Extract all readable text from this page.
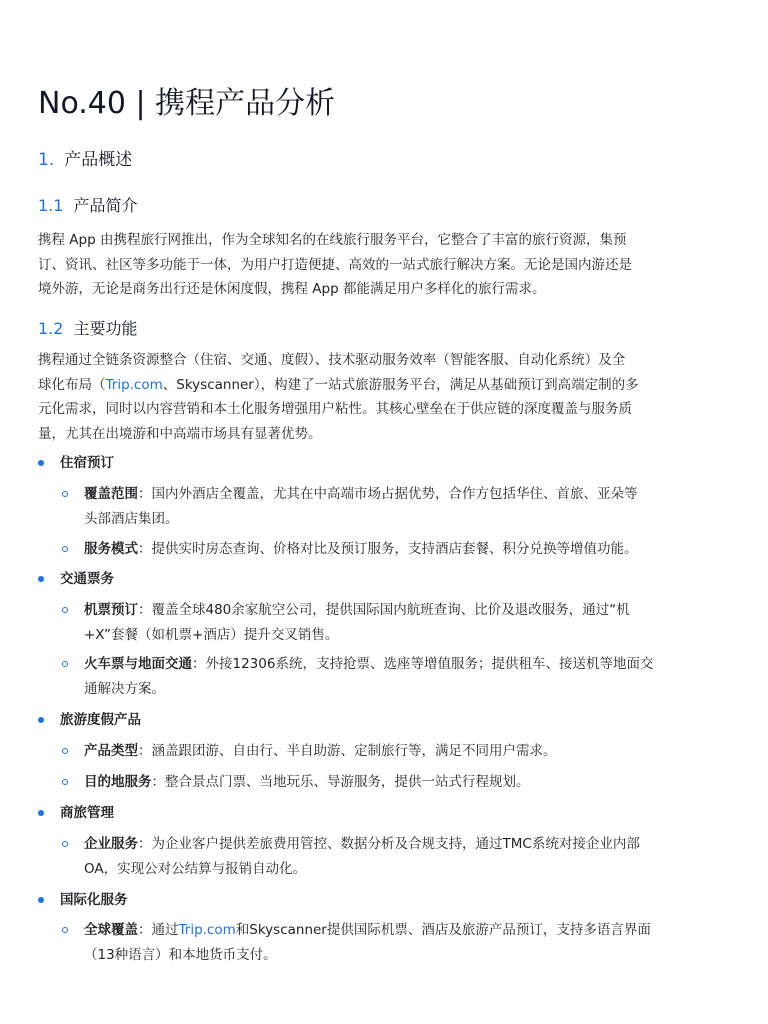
No.40 | 携程产品分析
1. 产品概述
1.1 产品简介

携程 App 由携程旅行网推出，作为全球知名的在线旅行服务平台，它整合了丰富的旅行资源，集预
订、资讯、社区等多功能于一体，为用户打造便捷、高效的一站式旅行解决方案。无论是国内游还是
境外游，无论是商务出行还是休闲度假，携程 App 都能满足用户多样化的旅行需求。

1.2 主要功能

携程通过全链条资源整合（住宿、交通、度假）、技术驱动服务效率（智能客服、自动化系统）及全
球化布局（Trip.com、Skyscanner），构建了一站式旅游服务平台，满足从基础预订到高端定制的多
元化需求，同时以内容营销和本土化服务增强用户粘性。其核心壁垒在于供应链的深度覆盖与服务质
量，尤其在出境游和中高端市场具有显著优势。

住宿预订
覆盖范围：国内外酒店全覆盖，尤其在中高端市场占据优势，合作方包括华住、首旅、亚朵等
头部酒店集团。
服务模式：提供实时房态查询、价格对比及预订服务，支持酒店套餐、积分兑换等增值功能。
交通票务
机票预订：覆盖全球480余家航空公司，提供国际国内航班查询、比价及退改服务，通过“机
+X”套餐（如机票+酒店）提升交叉销售。
火车票与地面交通：外接12306系统，支持抢票、选座等增值服务；提供租车、接送机等地面交
通解决方案。
旅游度假产品
产品类型：涵盖跟团游、自由行、半自助游、定制旅行等，满足不同用户需求。
目的地服务：整合景点门票、当地玩乐、导游服务，提供一站式行程规划。
商旅管理
企业服务：为企业客户提供差旅费用管控、数据分析及合规支持，通过TMC系统对接企业内部
OA，实现公对公结算与报销自动化。
国际化服务
全球覆盖：通过Trip.com和Skyscanner提供国际机票、酒店及旅游产品预订，支持多语言界面
（13种语言）和本地货币支付。
